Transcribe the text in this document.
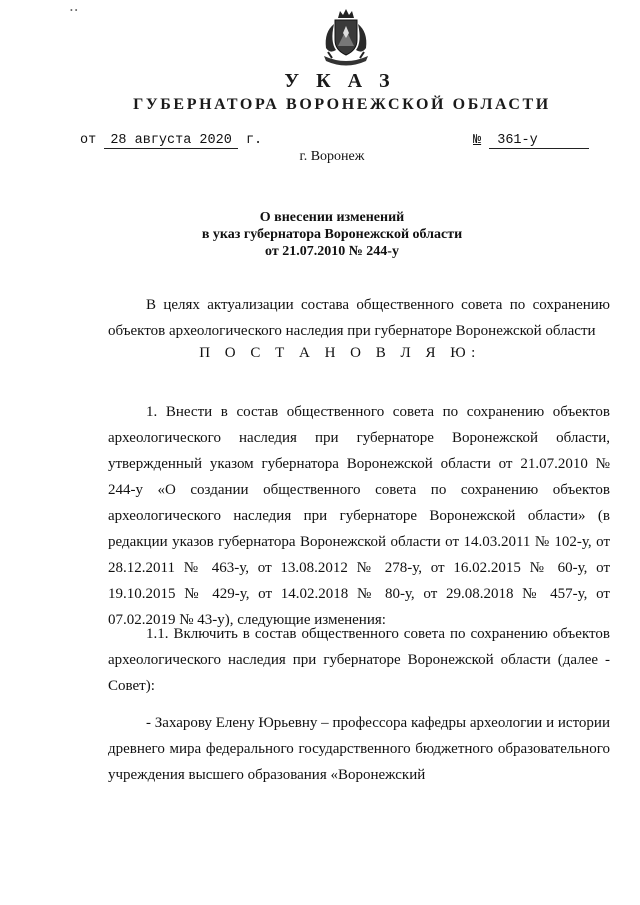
• •
У К А З
ГУБЕРНАТОРА ВОРОНЕЖСКОЙ ОБЛАСТИ
от 28 августа 2020 г.	№ 361-у
г. Воронеж
О внесении изменений
в указ губернатора Воронежской области
от 21.07.2010 № 244-у
В целях актуализации состава общественного совета по сохранению объектов археологического наследия при губернаторе Воронежской области
П О С Т А Н О В Л Я Ю:
1. Внести в состав общественного совета по сохранению объектов археологического наследия при губернаторе Воронежской области, утвержденный указом губернатора Воронежской области от 21.07.2010 № 244-у «О создании общественного совета по сохранению объектов археологического наследия при губернаторе Воронежской области» (в редакции указов губернатора Воронежской области от 14.03.2011 № 102-у, от 28.12.2011 № 463-у, от 13.08.2012 № 278-у, от 16.02.2015 № 60-у, от 19.10.2015 № 429-у, от 14.02.2018 № 80-у, от 29.08.2018 № 457-у, от 07.02.2019 № 43-у), следующие изменения:
1.1. Включить в состав общественного совета по сохранению объектов археологического наследия при губернаторе Воронежской области (далее - Совет):
- Захарову Елену Юрьевну – профессора кафедры археологии и истории древнего мира федерального государственного бюджетного образовательного учреждения высшего образования «Воронежский
